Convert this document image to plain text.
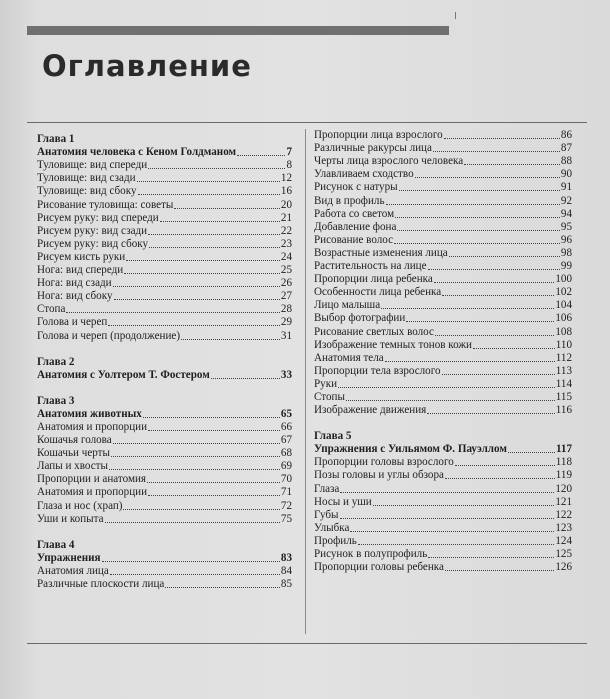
Оглавление
Глава 1
Анатомия человека с Кеном Голдманом	7
Туловище: вид спереди	8
Туловище: вид сзади	12
Туловище: вид сбоку	16
Рисование туловища: советы	20
Рисуем руку: вид спереди	21
Рисуем руку: вид сзади	22
Рисуем руку: вид сбоку	23
Рисуем кисть руки	24
Нога: вид спереди	25
Нога: вид сзади	26
Нога: вид сбоку	27
Стопа	28
Голова и череп	29
Голова и череп (продолжение)	31
Глава 2
Анатомия с Уолтером Т. Фостером	33
Глава 3
Анатомия животных	65
Анатомия и пропорции	66
Кошачья голова	67
Кошачьи черты	68
Лапы и хвосты	69
Пропорции и анатомия	70
Анатомия и пропорции	71
Глаза и нос (храп)	72
Уши и копыта	75
Глава 4
Упражнения	83
Анатомия лица	84
Различные плоскости лица	85
Пропорции лица взрослого	86
Различные ракурсы лица	87
Черты лица взрослого человека	88
Улавливаем сходство	90
Рисунок с натуры	91
Вид в профиль	92
Работа со светом	94
Добавление фона	95
Рисование волос	96
Возрастные изменения лица	98
Растительность на лице	99
Пропорции лица ребенка	100
Особенности лица ребенка	102
Лицо малыша	104
Выбор фотографии	106
Рисование светлых волос	108
Изображение темных тонов кожи	110
Анатомия тела	112
Пропорции тела взрослого	113
Руки	114
Стопы	115
Изображение движения	116
Глава 5
Упражнения с Уильямом Ф. Пауэллом	117
Пропорции головы взрослого	118
Позы головы и углы обзора	119
Глаза	120
Носы и уши	121
Губы	122
Улыбка	123
Профиль	124
Рисунок в полупрофиль	125
Пропорции головы ребенка	126
